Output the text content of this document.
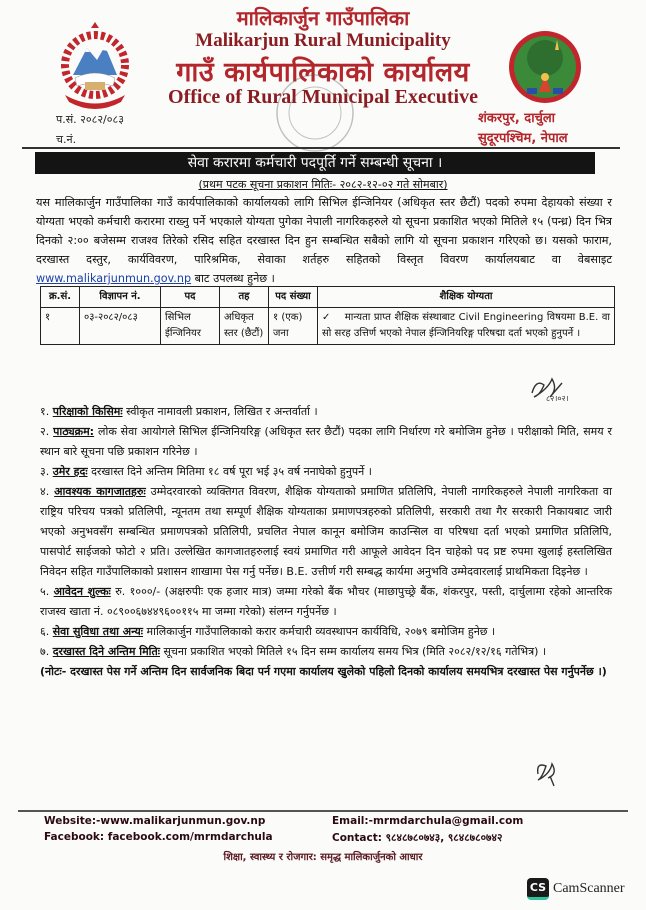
मालिकार्जुन गाउँपालिका
Malikarjun Rural Municipality
गाउँ कार्यपालिकाको कार्यालय
Office of Rural Municipal Executive
प.सं. २०८२/०८३
च.नं.
शंकरपुर, दार्चुला
सुदूरपश्चिम, नेपाल
सेवा करारमा कर्मचारी पदपूर्ति गर्ने सम्बन्धी सूचना ।
(प्रथम पटक सूचना प्रकाशन मितिः- २०८२-१२-०२ गते सोमबार)
यस मालिकार्जुन गाउँपालिका गाउँ कार्यपालिकाको कार्यालयको लागि सिभिल ईन्जिनियर (अधिकृत स्तर छैटौं) पदको रुपमा देहायको संख्या र योग्यता भएको कर्मचारी करारमा राख्नु पर्ने भएकाले योग्यता पुगेका नेपाली नागरिकहरुले यो सूचना प्रकाशित भएको मितिले १५ (पन्ध्र) दिन भित्र दिनको २:०० बजेसम्म राजश्व तिरेको रसिद सहित दरखास्त दिन हुन सम्बन्धित सबैको लागि यो सूचना प्रकाशन गरिएको छ। यसको फाराम, दरखास्त दस्तुर, कार्यविवरण, पारिश्रमिक, सेवाका शर्तहरु सहितको विस्तृत विवरण कार्यालयबाट वा वेबसाइट www.malikarjunmun.gov.np बाट उपलब्ध हुनेछ ।
क्र.सं.	विज्ञापन नं.	पद	तह	पद संख्या	शैक्षिक योग्यता
१	०३-२०८२/०८३	सिभिल ईन्जिनियर	अधिकृत स्तर (छैटौं)	१ (एक) जना	✓ मान्यता प्राप्त शैक्षिक संस्थाबाट Civil Engineering विषयमा B.E. वा सो सरह उत्तिर्ण भएको नेपाल ईन्जिनियरिङ्ग परिषद्मा दर्ता भएको हुनुपर्ने ।
८२।०२।

१. परिक्षाको किसिमः स्वीकृत नामावली प्रकाशन, लिखित र अन्तर्वार्ता ।

२. पाठ्यक्रम: लोक सेवा आयोगले सिभिल ईन्जिनियरिङ्ग (अधिकृत स्तर छैटौं) पदका लागि निर्धारण गरे बमोजिम हुनेछ । परीक्षाको मिति, समय र स्थान बारे सूचना पछि प्रकाशन गरिनेछ ।

३. उमेर हदः दरखास्त दिने अन्तिम मितिमा १८ वर्ष पूरा भई ३५ वर्ष ननाघेको हुनुपर्ने ।

४. आवश्यक कागजातहरुः उम्मेदरवारको व्यक्तिगत विवरण, शैक्षिक योग्यताको प्रमाणित प्रतिलिपि, नेपाली नागरिकहरुले नेपाली नागरिकता वा राष्ट्रिय परिचय पत्रको प्रतिलिपी, न्यूनतम तथा सम्पूर्ण शैक्षिक योग्यताका प्रमाणपत्रहरुको प्रतिलिपी, सरकारी तथा गैर सरकारी निकायबाट जारी भएको अनुभवसँग सम्बन्धित प्रमाणपत्रको प्रतिलिपी, प्रचलित नेपाल कानून बमोजिम काउन्सिल वा परिषधा दर्ता भएको प्रमाणित प्रतिलिपि, पासपोर्ट साईजको फोटो २ प्रति। उल्लेखित कागजातहरुलाई स्वयं प्रमाणित गरी आफूले आवेदन दिन चाहेको पद प्रष्ट रुपमा खुलाई हस्तलिखित निवेदन सहित गाउँपालिकाको प्रशासन शाखामा पेस गर्नु पर्नेछ। B.E. उत्तीर्ण गरी सम्बद्ध कार्यमा अनुभवि उम्मेदवारलाई प्राथमिकता दिइनेछ ।

५. आवेदन शुल्कः रु. १०००/- (अक्षरुपीः एक हजार मात्र) जम्मा गरेको बैंक भौचर (माछापुच्छ्रे बैंक, शंकरपुर, पस्ती, दार्चुलामा रहेको आन्तरिक राजस्व खाता नं. ०८९००६७४४९६००११५ मा जम्मा गरेको) संलग्न गर्नुपर्नेछ ।

६. सेवा सुविधा तथा अन्यः मालिकार्जुन गाउँपालिकाको करार कर्मचारी व्यवस्थापन कार्यविधि, २०७९ बमोजिम हुनेछ ।

७. दरखास्त दिने अन्तिम मितिः सूचना प्रकाशित भएको मितिले १५ दिन सम्म कार्यालय समय भित्र (मिति २०८२/१२/१६ गतेभित्र) ।

(नोटः- दरखास्त पेस गर्ने अन्तिम दिन सार्वजनिक बिदा पर्न गएमा कार्यालय खुलेको पहिलो दिनको कार्यालय समयभित्र दरखास्त पेस गर्नुपर्नेछ ।)

Website:-www.malikarjunmun.gov.np
Facebook: facebook.com/mrmdarchula
Email:-mrmdarchula@gmail.com
Contact: ९८४८७८०७४३, ९८४८७८०७४२
शिक्षा, स्वास्थ्य र रोजगार: समृद्ध मालिकार्जुनको आधार
CS CamScanner
